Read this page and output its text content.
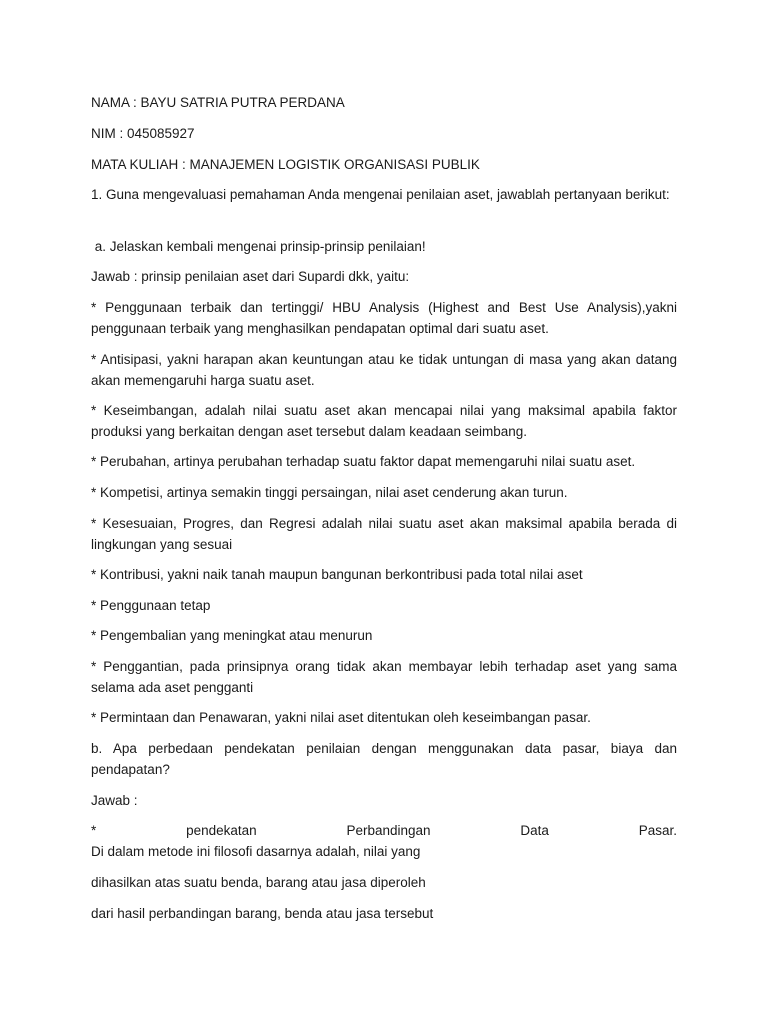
NAMA : BAYU SATRIA PUTRA PERDANA

NIM : 045085927

MATA KULIAH : MANAJEMEN LOGISTIK ORGANISASI PUBLIK

1. Guna mengevaluasi pemahaman Anda mengenai penilaian aset, jawablah pertanyaan berikut:

a. Jelaskan kembali mengenai prinsip-prinsip penilaian!

Jawab : prinsip penilaian aset dari Supardi dkk, yaitu:

* Penggunaan terbaik dan tertinggi/ HBU Analysis (Highest and Best Use Analysis),yakni penggunaan terbaik yang menghasilkan pendapatan optimal dari suatu aset.

* Antisipasi, yakni harapan akan keuntungan atau ke tidak untungan di masa yang akan datang akan memengaruhi harga suatu aset.

* Keseimbangan, adalah nilai suatu aset akan mencapai nilai yang maksimal apabila faktor produksi yang berkaitan dengan aset tersebut dalam keadaan seimbang.

* Perubahan, artinya perubahan terhadap suatu faktor dapat memengaruhi nilai suatu aset.

* Kompetisi, artinya semakin tinggi persaingan, nilai aset cenderung akan turun.

* Kesesuaian, Progres, dan Regresi adalah nilai suatu aset akan maksimal apabila berada di lingkungan yang sesuai

* Kontribusi, yakni naik tanah maupun bangunan berkontribusi pada total nilai aset

* Penggunaan tetap

* Pengembalian yang meningkat atau menurun

* Penggantian, pada prinsipnya orang tidak akan membayar lebih terhadap aset yang sama selama ada aset pengganti

* Permintaan dan Penawaran, yakni nilai aset ditentukan oleh keseimbangan pasar.

b. Apa perbedaan pendekatan penilaian dengan menggunakan data pasar, biaya dan pendapatan?

Jawab :

*	pendekatan	Perbandingan	Data	Pasar.

Di dalam metode ini filosofi dasarnya adalah, nilai yang

dihasilkan atas suatu benda, barang atau jasa diperoleh

dari hasil perbandingan barang, benda atau jasa tersebut
